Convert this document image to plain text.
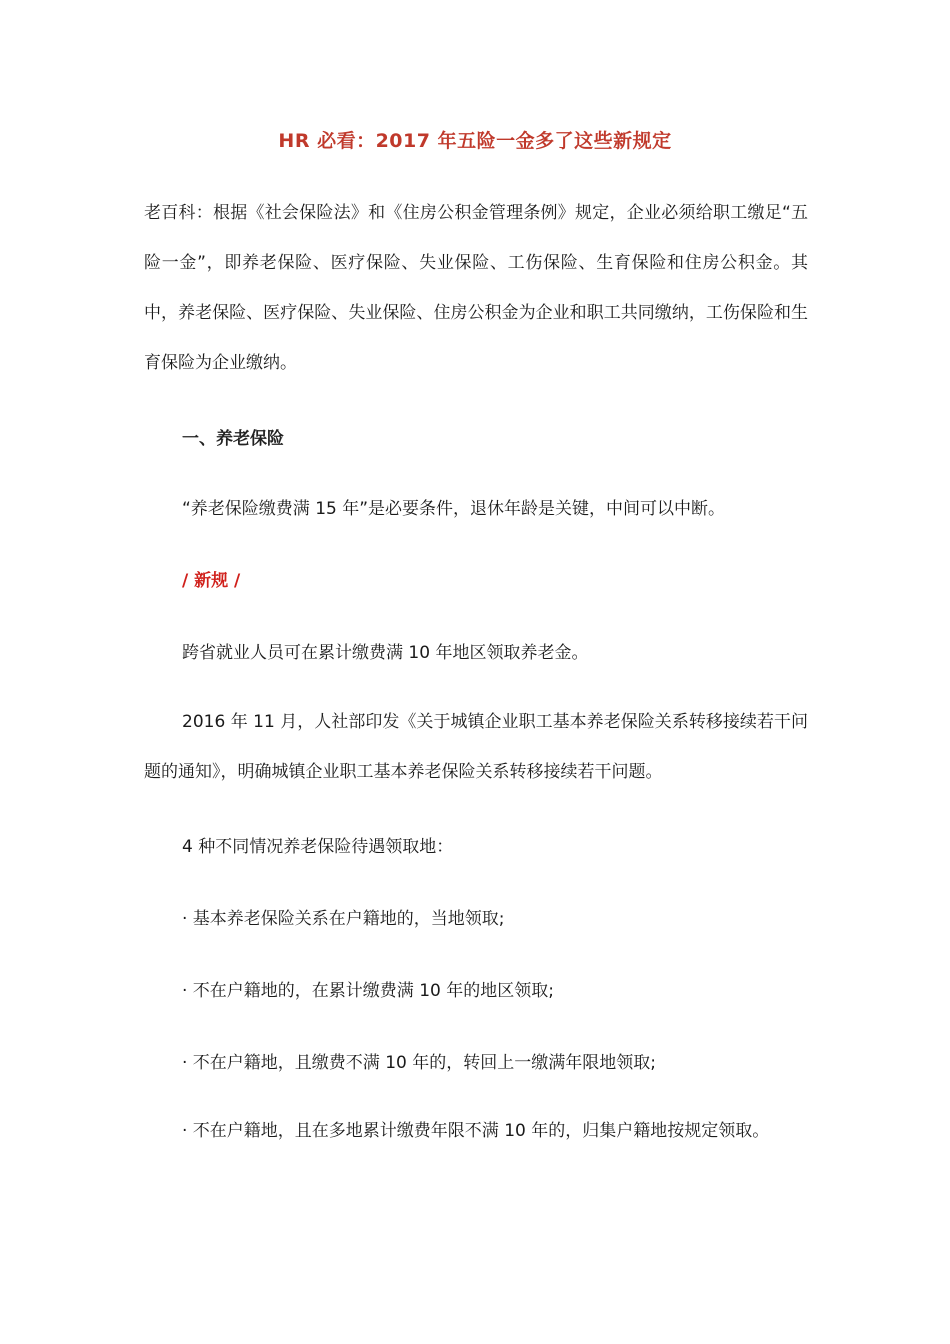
HR 必看：2017 年五险一金多了这些新规定

老百科：根据《社会保险法》和《住房公积金管理条例》规定，企业必须给职工缴足“五险一金”，即养老保险、医疗保险、失业保险、工伤保险、生育保险和住房公积金。其中，养老保险、医疗保险、失业保险、住房公积金为企业和职工共同缴纳，工伤保险和生育保险为企业缴纳。

一、养老保险
“养老保险缴费满 15 年”是必要条件，退休年龄是关键，中间可以中断。
/ 新规 /
跨省就业人员可在累计缴费满 10 年地区领取养老金。

2016 年 11 月，人社部印发《关于城镇企业职工基本养老保险关系转移接续若干问题的通知》，明确城镇企业职工基本养老保险关系转移接续若干问题。

4 种不同情况养老保险待遇领取地：
· 基本养老保险关系在户籍地的，当地领取;
· 不在户籍地的，在累计缴费满 10 年的地区领取;
· 不在户籍地，且缴费不满 10 年的，转回上一缴满年限地领取;

· 不在户籍地，且在多地累计缴费年限不满 10 年的，归集户籍地按规定领取。
